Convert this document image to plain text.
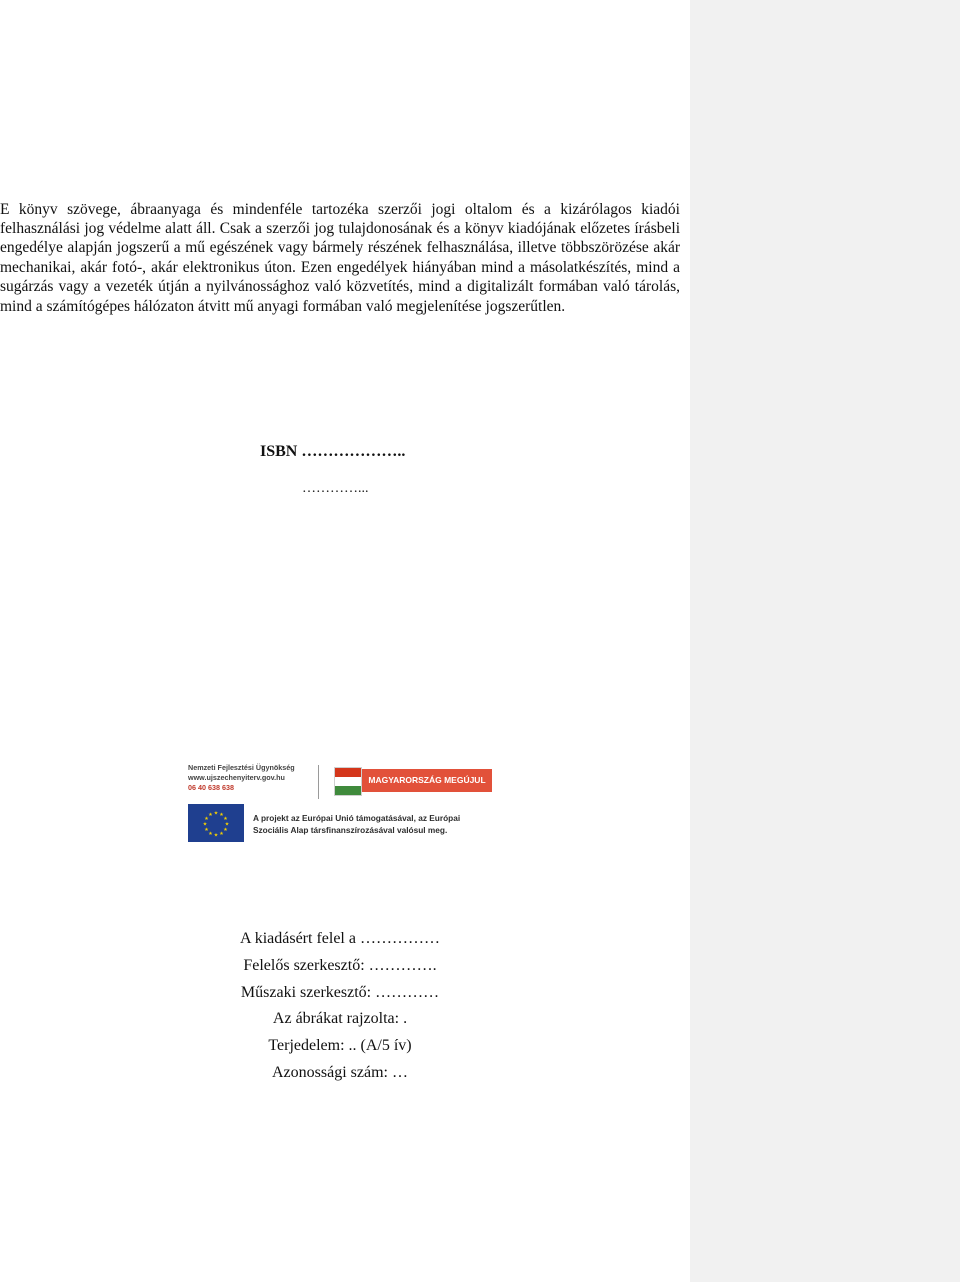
E könyv szövege, ábraanyaga és mindenféle tartozéka szerzői jogi oltalom és a kizárólagos kiadói felhasználási jog védelme alatt áll. Csak a szerzői jog tulajdonosának és a könyv kiadójának előzetes írásbeli engedélye alapján jogszerű a mű egészének vagy bármely részének felhasználása, illetve többszörözése akár mechanikai, akár fotó-, akár elektronikus úton. Ezen engedélyek hiányában mind a másolatkészítés, mind a sugárzás vagy a vezeték útján a nyilvánossághoz való közvetítés, mind a digitalizált formában való tárolás, mind a számítógépes hálózaton átvitt mű anyagi formában való megjelenítése jogszerűtlen.

ISBN ………………..
…………...
Nemzeti Fejlesztési Ügynökség
www.ujszechenyiterv.gov.hu
06 40 638 638
MAGYARORSZÁG MEGÚJUL
★ ★
★
★
★
★
★
★
★
★
★
★	A projekt az Európai Unió támogatásával, az Európai
Szociális Alap társfinanszírozásával valósul meg.
A kiadásért felel a ……………
Felelős szerkesztő: ………….
Műszaki szerkesztő: …………
Az ábrákat rajzolta: .
Terjedelem: .. (A/5 ív)
Azonossági szám: …
